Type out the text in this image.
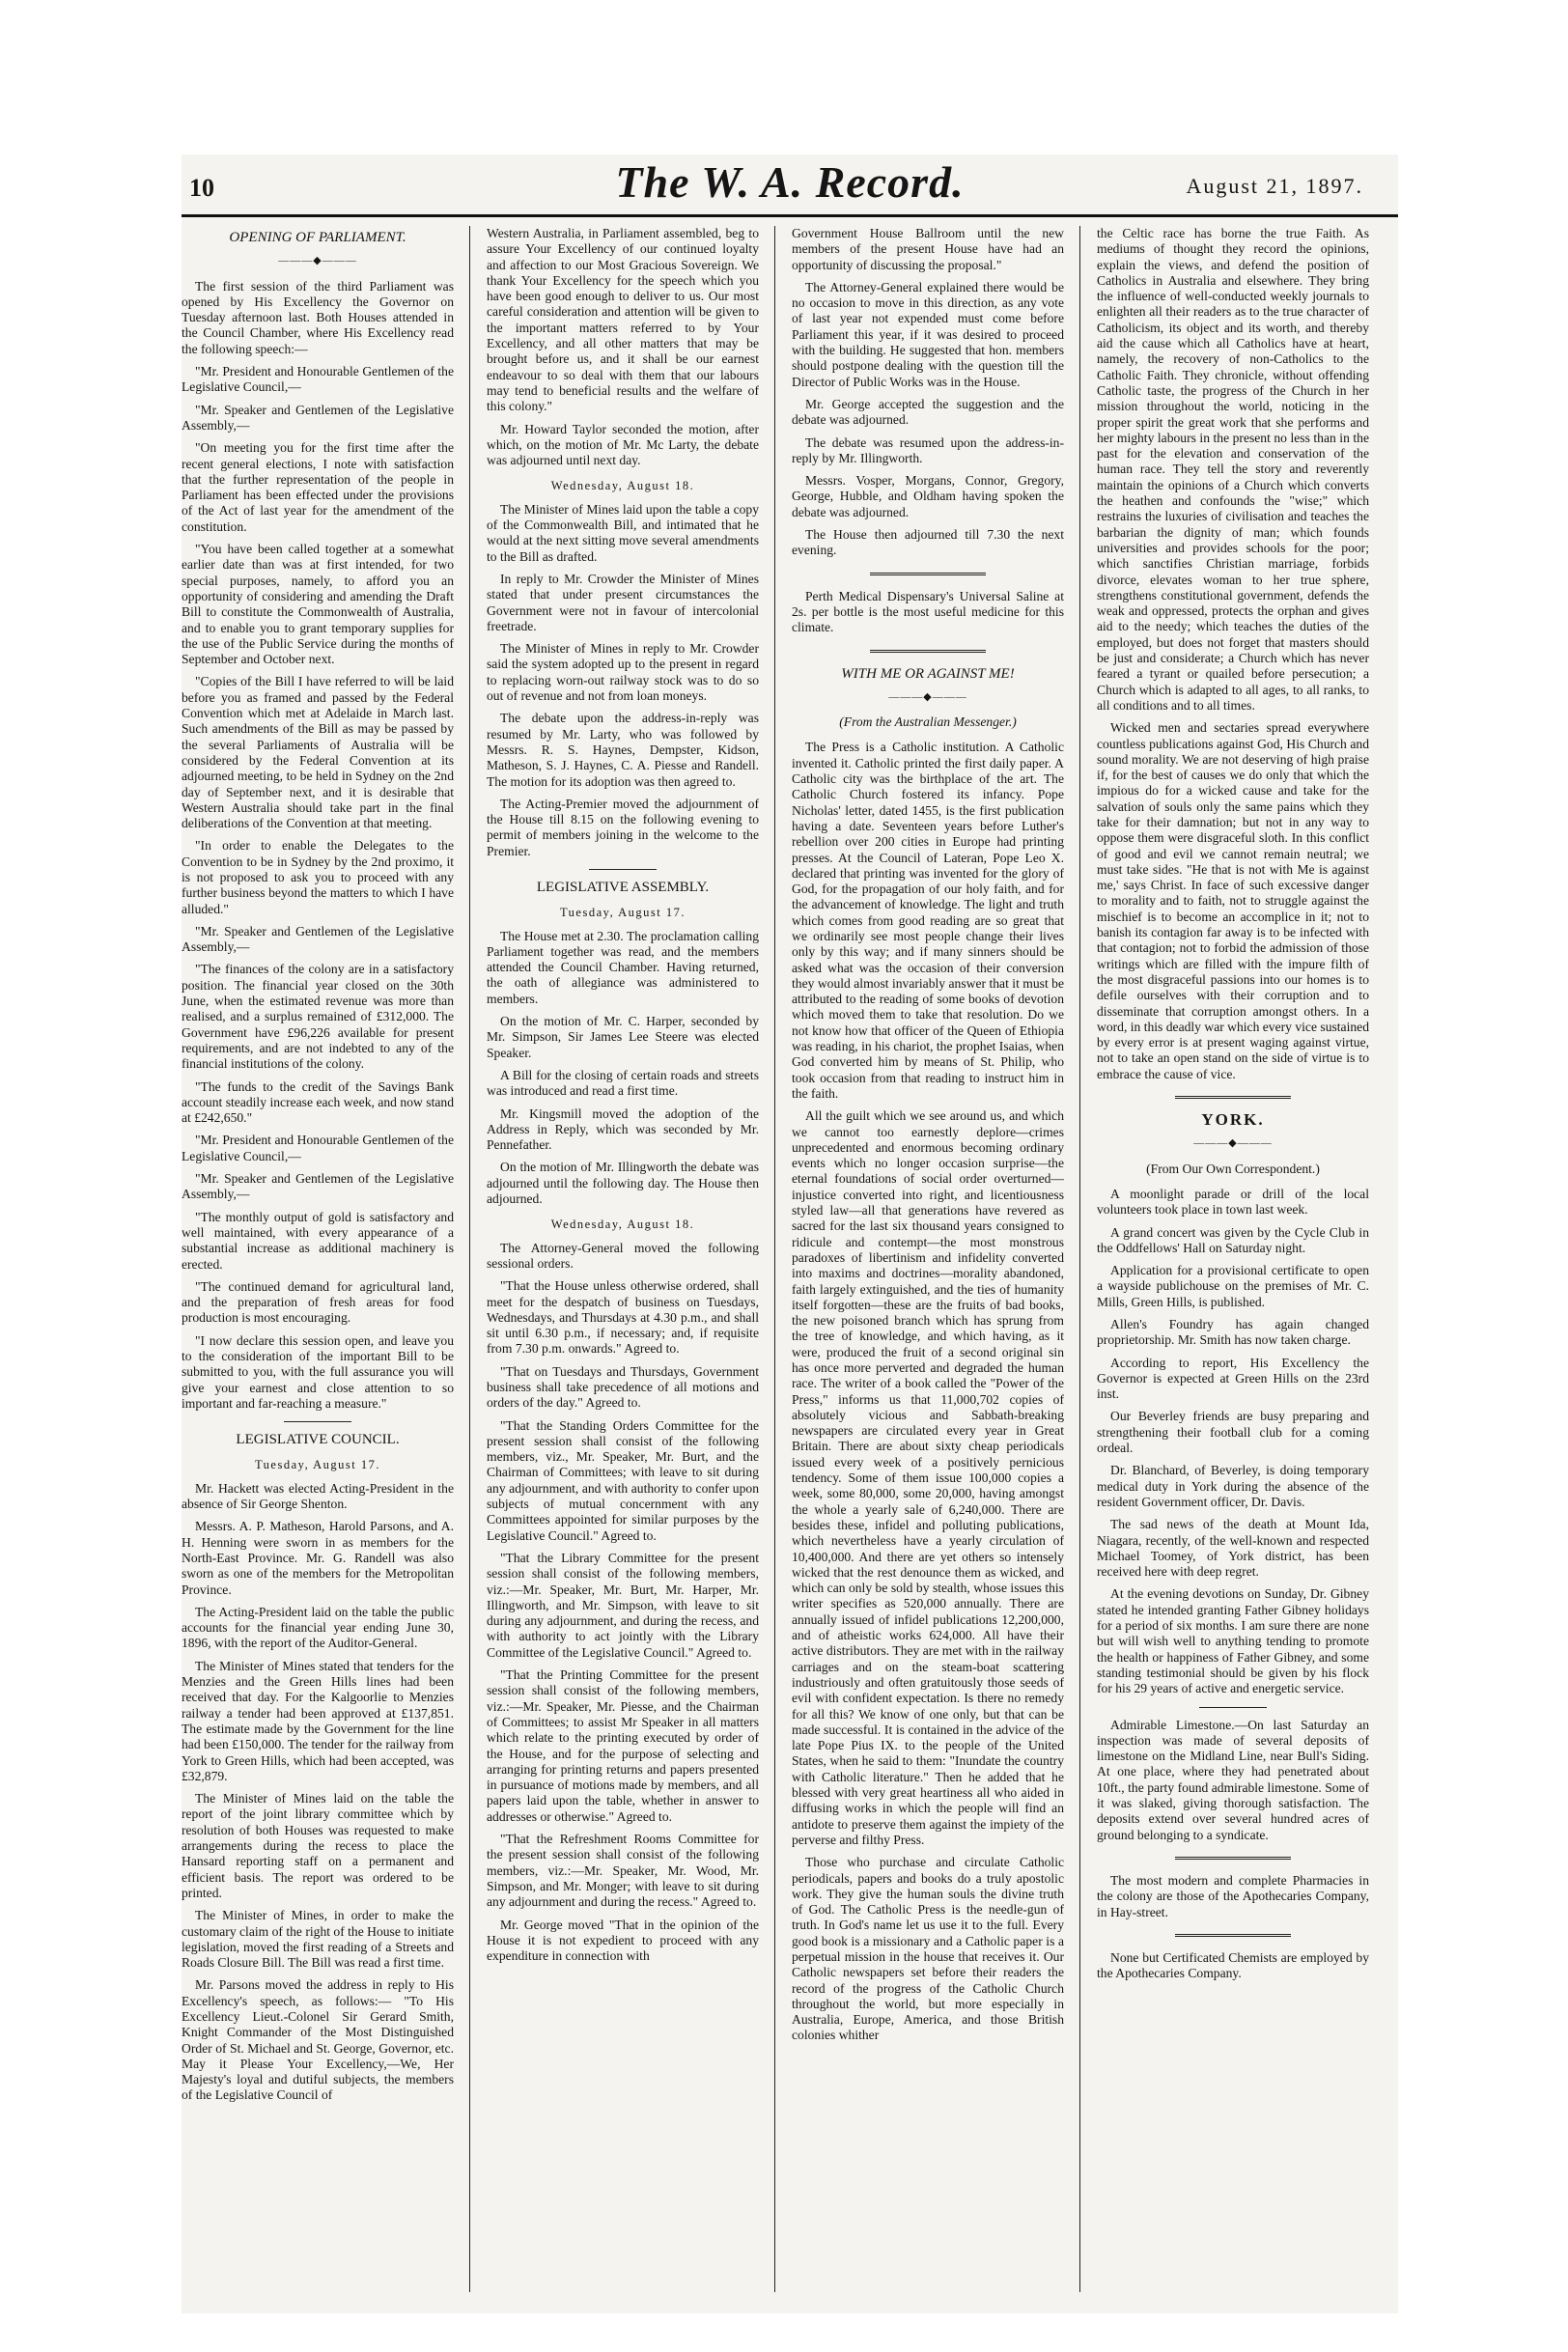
10	The W. A. Record.	August 21, 1897.
OPENING OF PARLIAMENT.
―――◆―――

The first session of the third Parliament was opened by His Excellency the Governor on Tuesday afternoon last. Both Houses attended in the Council Chamber, where His Excellency read the following speech:—

"Mr. President and Honourable Gentlemen of the Legislative Council,—

"Mr. Speaker and Gentlemen of the Legislative Assembly,—

"On meeting you for the first time after the recent general elections, I note with satisfaction that the further representation of the people in Parliament has been effected under the provisions of the Act of last year for the amendment of the constitution.

"You have been called together at a somewhat earlier date than was at first intended, for two special purposes, namely, to afford you an opportunity of considering and amending the Draft Bill to constitute the Commonwealth of Australia, and to enable you to grant temporary supplies for the use of the Public Service during the months of September and October next.

"Copies of the Bill I have referred to will be laid before you as framed and passed by the Federal Convention which met at Adelaide in March last. Such amendments of the Bill as may be passed by the several Parliaments of Australia will be considered by the Federal Convention at its adjourned meeting, to be held in Sydney on the 2nd day of September next, and it is desirable that Western Australia should take part in the final deliberations of the Convention at that meeting.

"In order to enable the Delegates to the Convention to be in Sydney by the 2nd proximo, it is not proposed to ask you to proceed with any further business beyond the matters to which I have alluded."

"Mr. Speaker and Gentlemen of the Legislative Assembly,—

"The finances of the colony are in a satisfactory position. The financial year closed on the 30th June, when the estimated revenue was more than realised, and a surplus remained of £312,000. The Government have £96,226 available for present requirements, and are not indebted to any of the financial institutions of the colony.

"The funds to the credit of the Savings Bank account steadily increase each week, and now stand at £242,650."

"Mr. President and Honourable Gentlemen of the Legislative Council,—

"Mr. Speaker and Gentlemen of the Legislative Assembly,—

"The monthly output of gold is satisfactory and well maintained, with every appearance of a substantial increase as additional machinery is erected.

"The continued demand for agricultural land, and the preparation of fresh areas for food production is most encouraging.

"I now declare this session open, and leave you to the consideration of the important Bill to be submitted to you, with the full assurance you will give your earnest and close attention to so important and far-reaching a measure."

LEGISLATIVE COUNCIL.
Tuesday, August 17.

Mr. Hackett was elected Acting-President in the absence of Sir George Shenton.

Messrs. A. P. Matheson, Harold Parsons, and A. H. Henning were sworn in as members for the North-East Province. Mr. G. Randell was also sworn as one of the members for the Metropolitan Province.

The Acting-President laid on the table the public accounts for the financial year ending June 30, 1896, with the report of the Auditor-General.

The Minister of Mines stated that tenders for the Menzies and the Green Hills lines had been received that day. For the Kalgoorlie to Menzies railway a tender had been approved at £137,851. The estimate made by the Government for the line had been £150,000. The tender for the railway from York to Green Hills, which had been accepted, was £32,879.

The Minister of Mines laid on the table the report of the joint library committee which by resolution of both Houses was requested to make arrangements during the recess to place the Hansard reporting staff on a permanent and efficient basis. The report was ordered to be printed.

The Minister of Mines, in order to make the customary claim of the right of the House to initiate legislation, moved the first reading of a Streets and Roads Closure Bill. The Bill was read a first time.

Mr. Parsons moved the address in reply to His Excellency's speech, as follows:— "To His Excellency Lieut.-Colonel Sir Gerard Smith, Knight Commander of the Most Distinguished Order of St. Michael and St. George, Governor, etc. May it Please Your Excellency,—We, Her Majesty's loyal and dutiful subjects, the members of the Legislative Council of

Western Australia, in Parliament assembled, beg to assure Your Excellency of our continued loyalty and affection to our Most Gracious Sovereign. We thank Your Excellency for the speech which you have been good enough to deliver to us. Our most careful consideration and attention will be given to the important matters referred to by Your Excellency, and all other matters that may be brought before us, and it shall be our earnest endeavour to so deal with them that our labours may tend to beneficial results and the welfare of this colony."

Mr. Howard Taylor seconded the motion, after which, on the motion of Mr. Mc Larty, the debate was adjourned until next day.

Wednesday, August 18.

The Minister of Mines laid upon the table a copy of the Commonwealth Bill, and intimated that he would at the next sitting move several amendments to the Bill as drafted.

In reply to Mr. Crowder the Minister of Mines stated that under present circumstances the Government were not in favour of intercolonial freetrade.

The Minister of Mines in reply to Mr. Crowder said the system adopted up to the present in regard to replacing worn-out railway stock was to do so out of revenue and not from loan moneys.

The debate upon the address-in-reply was resumed by Mr. Larty, who was followed by Messrs. R. S. Haynes, Dempster, Kidson, Matheson, S. J. Haynes, C. A. Piesse and Randell. The motion for its adoption was then agreed to.

The Acting-Premier moved the adjournment of the House till 8.15 on the following evening to permit of members joining in the welcome to the Premier.

LEGISLATIVE ASSEMBLY.
Tuesday, August 17.

The House met at 2.30. The proclamation calling Parliament together was read, and the members attended the Council Chamber. Having returned, the oath of allegiance was administered to members.

On the motion of Mr. C. Harper, seconded by Mr. Simpson, Sir James Lee Steere was elected Speaker.

A Bill for the closing of certain roads and streets was introduced and read a first time.

Mr. Kingsmill moved the adoption of the Address in Reply, which was seconded by Mr. Pennefather.

On the motion of Mr. Illingworth the debate was adjourned until the following day. The House then adjourned.

Wednesday, August 18.

The Attorney-General moved the following sessional orders.

"That the House unless otherwise ordered, shall meet for the despatch of business on Tuesdays, Wednesdays, and Thursdays at 4.30 p.m., and shall sit until 6.30 p.m., if necessary; and, if requisite from 7.30 p.m. onwards." Agreed to.

"That on Tuesdays and Thursdays, Government business shall take precedence of all motions and orders of the day." Agreed to.

"That the Standing Orders Committee for the present session shall consist of the following members, viz., Mr. Speaker, Mr. Burt, and the Chairman of Committees; with leave to sit during any adjournment, and with authority to confer upon subjects of mutual concernment with any Committees appointed for similar purposes by the Legislative Council." Agreed to.

"That the Library Committee for the present session shall consist of the following members, viz.:—Mr. Speaker, Mr. Burt, Mr. Harper, Mr. Illingworth, and Mr. Simpson, with leave to sit during any adjournment, and during the recess, and with authority to act jointly with the Library Committee of the Legislative Council." Agreed to.

"That the Printing Committee for the present session shall consist of the following members, viz.:—Mr. Speaker, Mr. Piesse, and the Chairman of Committees; to assist Mr Speaker in all matters which relate to the printing executed by order of the House, and for the purpose of selecting and arranging for printing returns and papers presented in pursuance of motions made by members, and all papers laid upon the table, whether in answer to addresses or otherwise." Agreed to.

"That the Refreshment Rooms Committee for the present session shall consist of the following members, viz.:—Mr. Speaker, Mr. Wood, Mr. Simpson, and Mr. Monger; with leave to sit during any adjournment and during the recess." Agreed to.

Mr. George moved "That in the opinion of the House it is not expedient to proceed with any expenditure in connection with

Government House Ballroom until the new members of the present House have had an opportunity of discussing the proposal."

The Attorney-General explained there would be no occasion to move in this direction, as any vote of last year not expended must come before Parliament this year, if it was desired to proceed with the building. He suggested that hon. members should postpone dealing with the question till the Director of Public Works was in the House.

Mr. George accepted the suggestion and the debate was adjourned.

The debate was resumed upon the address-in-reply by Mr. Illingworth.

Messrs. Vosper, Morgans, Connor, Gregory, George, Hubble, and Oldham having spoken the debate was adjourned.

The House then adjourned till 7.30 the next evening.

Perth Medical Dispensary's Universal Saline at 2s. per bottle is the most useful medicine for this climate.

WITH ME OR AGAINST ME!
―――◆―――
(From the Australian Messenger.)

The Press is a Catholic institution. A Catholic invented it. Catholic printed the first daily paper. A Catholic city was the birthplace of the art. The Catholic Church fostered its infancy. Pope Nicholas' letter, dated 1455, is the first publication having a date. Seventeen years before Luther's rebellion over 200 cities in Europe had printing presses. At the Council of Lateran, Pope Leo X. declared that printing was invented for the glory of God, for the propagation of our holy faith, and for the advancement of knowledge. The light and truth which comes from good reading are so great that we ordinarily see most people change their lives only by this way; and if many sinners should be asked what was the occasion of their conversion they would almost invariably answer that it must be attributed to the reading of some books of devotion which moved them to take that resolution. Do we not know how that officer of the Queen of Ethiopia was reading, in his chariot, the prophet Isaias, when God converted him by means of St. Philip, who took occasion from that reading to instruct him in the faith.

All the guilt which we see around us, and which we cannot too earnestly deplore—crimes unprecedented and enormous becoming ordinary events which no longer occasion surprise—the eternal foundations of social order overturned—injustice converted into right, and licentiousness styled law—all that generations have revered as sacred for the last six thousand years consigned to ridicule and contempt—the most monstrous paradoxes of libertinism and infidelity converted into maxims and doctrines—morality abandoned, faith largely extinguished, and the ties of humanity itself forgotten—these are the fruits of bad books, the new poisoned branch which has sprung from the tree of knowledge, and which having, as it were, produced the fruit of a second original sin has once more perverted and degraded the human race. The writer of a book called the "Power of the Press," informs us that 11,000,702 copies of absolutely vicious and Sabbath-breaking newspapers are circulated every year in Great Britain. There are about sixty cheap periodicals issued every week of a positively pernicious tendency. Some of them issue 100,000 copies a week, some 80,000, some 20,000, having amongst the whole a yearly sale of 6,240,000. There are besides these, infidel and polluting publications, which nevertheless have a yearly circulation of 10,400,000. And there are yet others so intensely wicked that the rest denounce them as wicked, and which can only be sold by stealth, whose issues this writer specifies as 520,000 annually. There are annually issued of infidel publications 12,200,000, and of atheistic works 624,000. All have their active distributors. They are met with in the railway carriages and on the steam-boat scattering industriously and often gratuitously those seeds of evil with confident expectation. Is there no remedy for all this? We know of one only, but that can be made successful. It is contained in the advice of the late Pope Pius IX. to the people of the United States, when he said to them: "Inundate the country with Catholic literature." Then he added that he blessed with very great heartiness all who aided in diffusing works in which the people will find an antidote to preserve them against the impiety of the perverse and filthy Press.

Those who purchase and circulate Catholic periodicals, papers and books do a truly apostolic work. They give the human souls the divine truth of God. The Catholic Press is the needle-gun of truth. In God's name let us use it to the full. Every good book is a missionary and a Catholic paper is a perpetual mission in the house that receives it. Our Catholic newspapers set before their readers the record of the progress of the Catholic Church throughout the world, but more especially in Australia, Europe, America, and those British colonies whither

the Celtic race has borne the true Faith. As mediums of thought they record the opinions, explain the views, and defend the position of Catholics in Australia and elsewhere. They bring the influence of well-conducted weekly journals to enlighten all their readers as to the true character of Catholicism, its object and its worth, and thereby aid the cause which all Catholics have at heart, namely, the recovery of non-Catholics to the Catholic Faith. They chronicle, without offending Catholic taste, the progress of the Church in her mission throughout the world, noticing in the proper spirit the great work that she performs and her mighty labours in the present no less than in the past for the elevation and conservation of the human race. They tell the story and reverently maintain the opinions of a Church which converts the heathen and confounds the "wise;" which restrains the luxuries of civilisation and teaches the barbarian the dignity of man; which founds universities and provides schools for the poor; which sanctifies Christian marriage, forbids divorce, elevates woman to her true sphere, strengthens constitutional government, defends the weak and oppressed, protects the orphan and gives aid to the needy; which teaches the duties of the employed, but does not forget that masters should be just and considerate; a Church which has never feared a tyrant or quailed before persecution; a Church which is adapted to all ages, to all ranks, to all conditions and to all times.

Wicked men and sectaries spread everywhere countless publications against God, His Church and sound morality. We are not deserving of high praise if, for the best of causes we do only that which the impious do for a wicked cause and take for the salvation of souls only the same pains which they take for their damnation; but not in any way to oppose them were disgraceful sloth. In this conflict of good and evil we cannot remain neutral; we must take sides. "He that is not with Me is against me,' says Christ. In face of such excessive danger to morality and to faith, not to struggle against the mischief is to become an accomplice in it; not to banish its contagion far away is to be infected with that contagion; not to forbid the admission of those writings which are filled with the impure filth of the most disgraceful passions into our homes is to defile ourselves with their corruption and to disseminate that corruption amongst others. In a word, in this deadly war which every vice sustained by every error is at present waging against virtue, not to take an open stand on the side of virtue is to embrace the cause of vice.

YORK.
―――◆―――
(From Our Own Correspondent.)

A moonlight parade or drill of the local volunteers took place in town last week.

A grand concert was given by the Cycle Club in the Oddfellows' Hall on Saturday night.

Application for a provisional certificate to open a wayside publichouse on the premises of Mr. C. Mills, Green Hills, is published.

Allen's Foundry has again changed proprietorship. Mr. Smith has now taken charge.

According to report, His Excellency the Governor is expected at Green Hills on the 23rd inst.

Our Beverley friends are busy preparing and strengthening their football club for a coming ordeal.

Dr. Blanchard, of Beverley, is doing temporary medical duty in York during the absence of the resident Government officer, Dr. Davis.

The sad news of the death at Mount Ida, Niagara, recently, of the well-known and respected Michael Toomey, of York district, has been received here with deep regret.

At the evening devotions on Sunday, Dr. Gibney stated he intended granting Father Gibney holidays for a period of six months. I am sure there are none but will wish well to anything tending to promote the health or happiness of Father Gibney, and some standing testimonial should be given by his flock for his 29 years of active and energetic service.

Admirable Limestone.—On last Saturday an inspection was made of several deposits of limestone on the Midland Line, near Bull's Siding. At one place, where they had penetrated about 10ft., the party found admirable limestone. Some of it was slaked, giving thorough satisfaction. The deposits extend over several hundred acres of ground belonging to a syndicate.

The most modern and complete Pharmacies in the colony are those of the Apothecaries Company, in Hay-street.

None but Certificated Chemists are employed by the Apothecaries Company.
